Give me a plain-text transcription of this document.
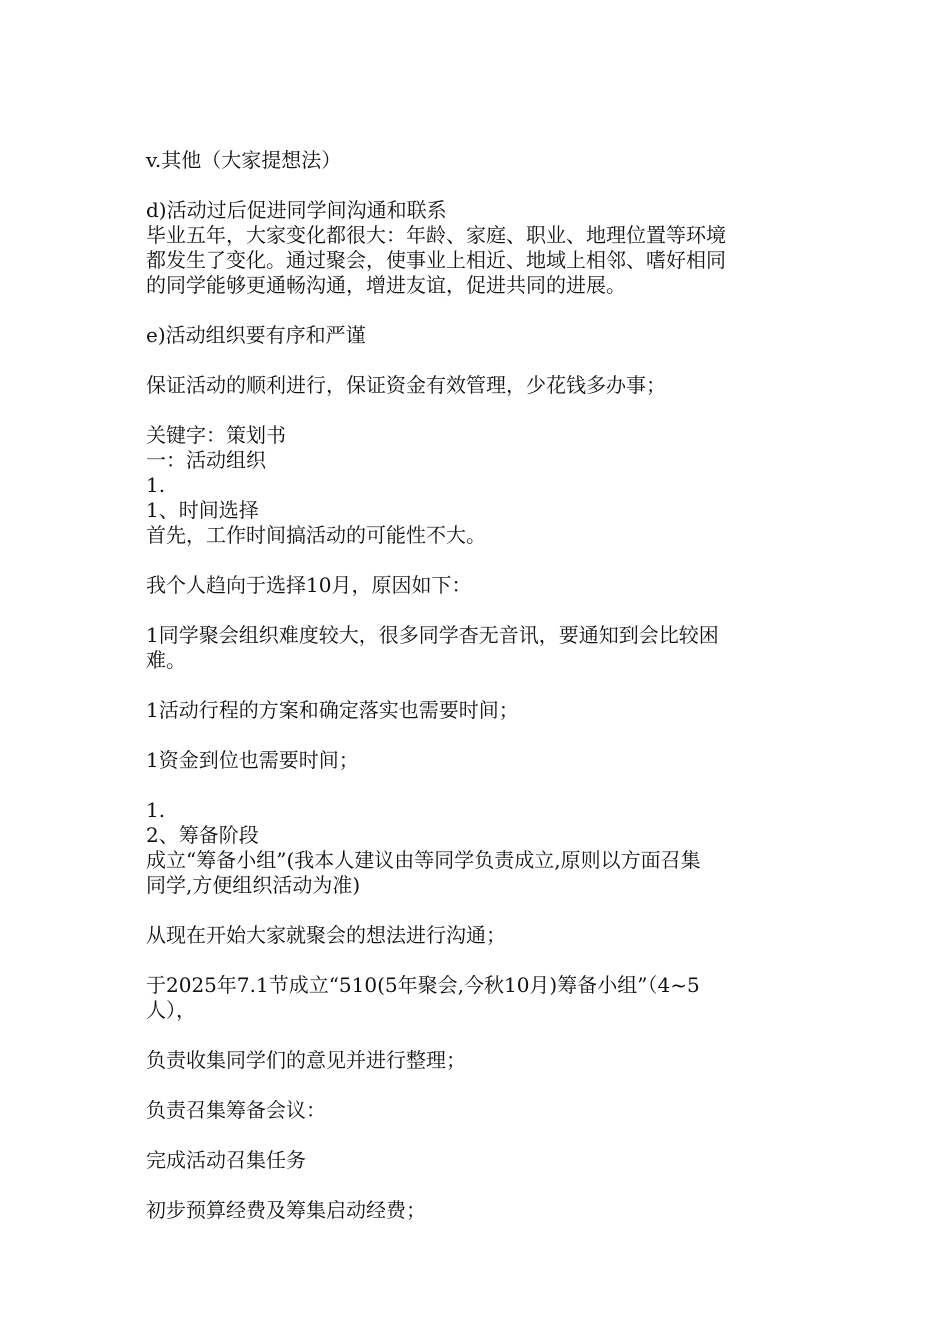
v.其他（大家提想法）
d)活动过后促进同学间沟通和联系
毕业五年，大家变化都很大：年龄、家庭、职业、地理位置等环境
都发生了变化。通过聚会，使事业上相近、地域上相邻、嗜好相同
的同学能够更通畅沟通，增进友谊，促进共同的进展。
e)活动组织要有序和严谨
保证活动的顺利进行，保证资金有效管理，少花钱多办事；
关键字：策划书
一：活动组织
1.
1、时间选择
首先，工作时间搞活动的可能性不大。
我个人趋向于选择10月，原因如下：
1同学聚会组织难度较大，很多同学杳无音讯，要通知到会比较困
难。
1活动行程的方案和确定落实也需要时间；
1资金到位也需要时间；
1.
2、筹备阶段
成立“筹备小组”(我本人建议由等同学负责成立,原则以方面召集
同学,方便组织活动为准)
从现在开始大家就聚会的想法进行沟通；
于2025年7.1节成立“510(5年聚会,今秋10月)筹备小组”（4~5
人），
负责收集同学们的意见并进行整理；
负责召集筹备会议：
完成活动召集任务
初步预算经费及筹集启动经费；
